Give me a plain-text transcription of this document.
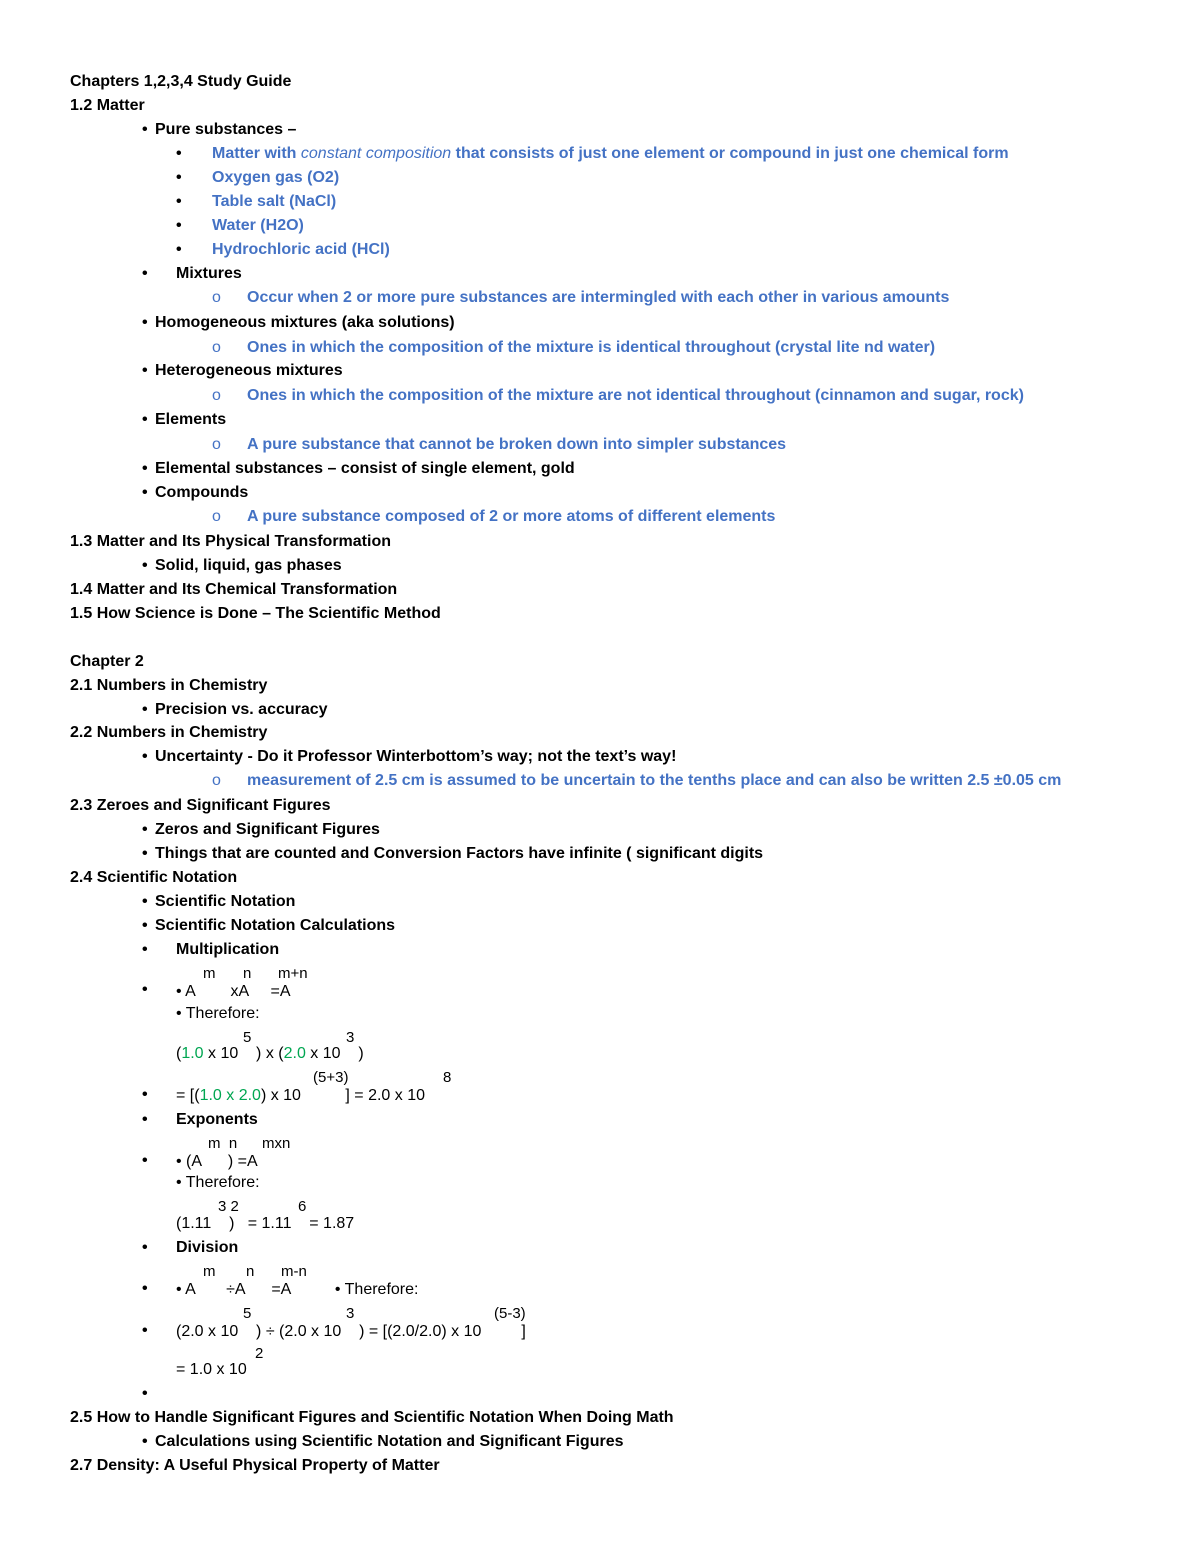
Chapters 1,2,3,4 Study Guide
1.2 Matter
• Pure substances –
• Matter with constant composition that consists of just one element or compound in just one chemical form
• Oxygen gas (O2)
• Table salt (NaCl)
• Water (H2O)
• Hydrochloric acid (HCl)
• Mixtures
o Occur when 2 or more pure substances are intermingled with each other in various amounts
• Homogeneous mixtures (aka solutions)
o Ones in which the composition of the mixture is identical throughout (crystal lite nd water)
• Heterogeneous mixtures
o Ones in which the composition of the mixture are not identical throughout (cinnamon and sugar, rock)
• Elements
o A pure substance that cannot be broken down into simpler substances
• Elemental substances – consist of single element, gold
• Compounds
o A pure substance composed of 2 or more atoms of different elements
1.3 Matter and Its Physical Transformation
• Solid, liquid, gas phases
1.4 Matter and Its Chemical Transformation
1.5 How Science is Done – The Scientific Method
Chapter 2
2.1 Numbers in Chemistry
• Precision vs. accuracy
2.2 Numbers in Chemistry
• Uncertainty - Do it Professor Winterbottom’s way; not the text’s way!
o measurement of 2.5 cm is assumed to be uncertain to the tenths place and can also be written 2.5 ±0.05 cm
2.3 Zeroes and Significant Figures
• Zeros and Significant Figures
• Things that are counted and Conversion Factors have infinite ( significant digits
2.4 Scientific Notation
• Scientific Notation
• Scientific Notation Calculations
• Multiplication
m n m+n
• • A        xA     =A
• Therefore:
5	3
(1.0 x 10    ) x (2.0 x 10    )
(5+3)	8
• = [(1.0 x 2.0) x 10          ] = 2.0 x 10
• Exponents
m  n mxn
• • (A      ) =A
• Therefore:
3 2	6
(1.11    )   = 1.11    = 1.87
• Division
m n m-n
• • A       ÷A      =A          • Therefore:
5	3	(5-3)
• (2.0 x 10    ) ÷ (2.0 x 10    ) = [(2.0/2.0) x 10         ]
2
= 1.0 x 10
•
2.5 How to Handle Significant Figures and Scientific Notation When Doing Math
• Calculations using Scientific Notation and Significant Figures
2.7 Density: A Useful Physical Property of Matter
